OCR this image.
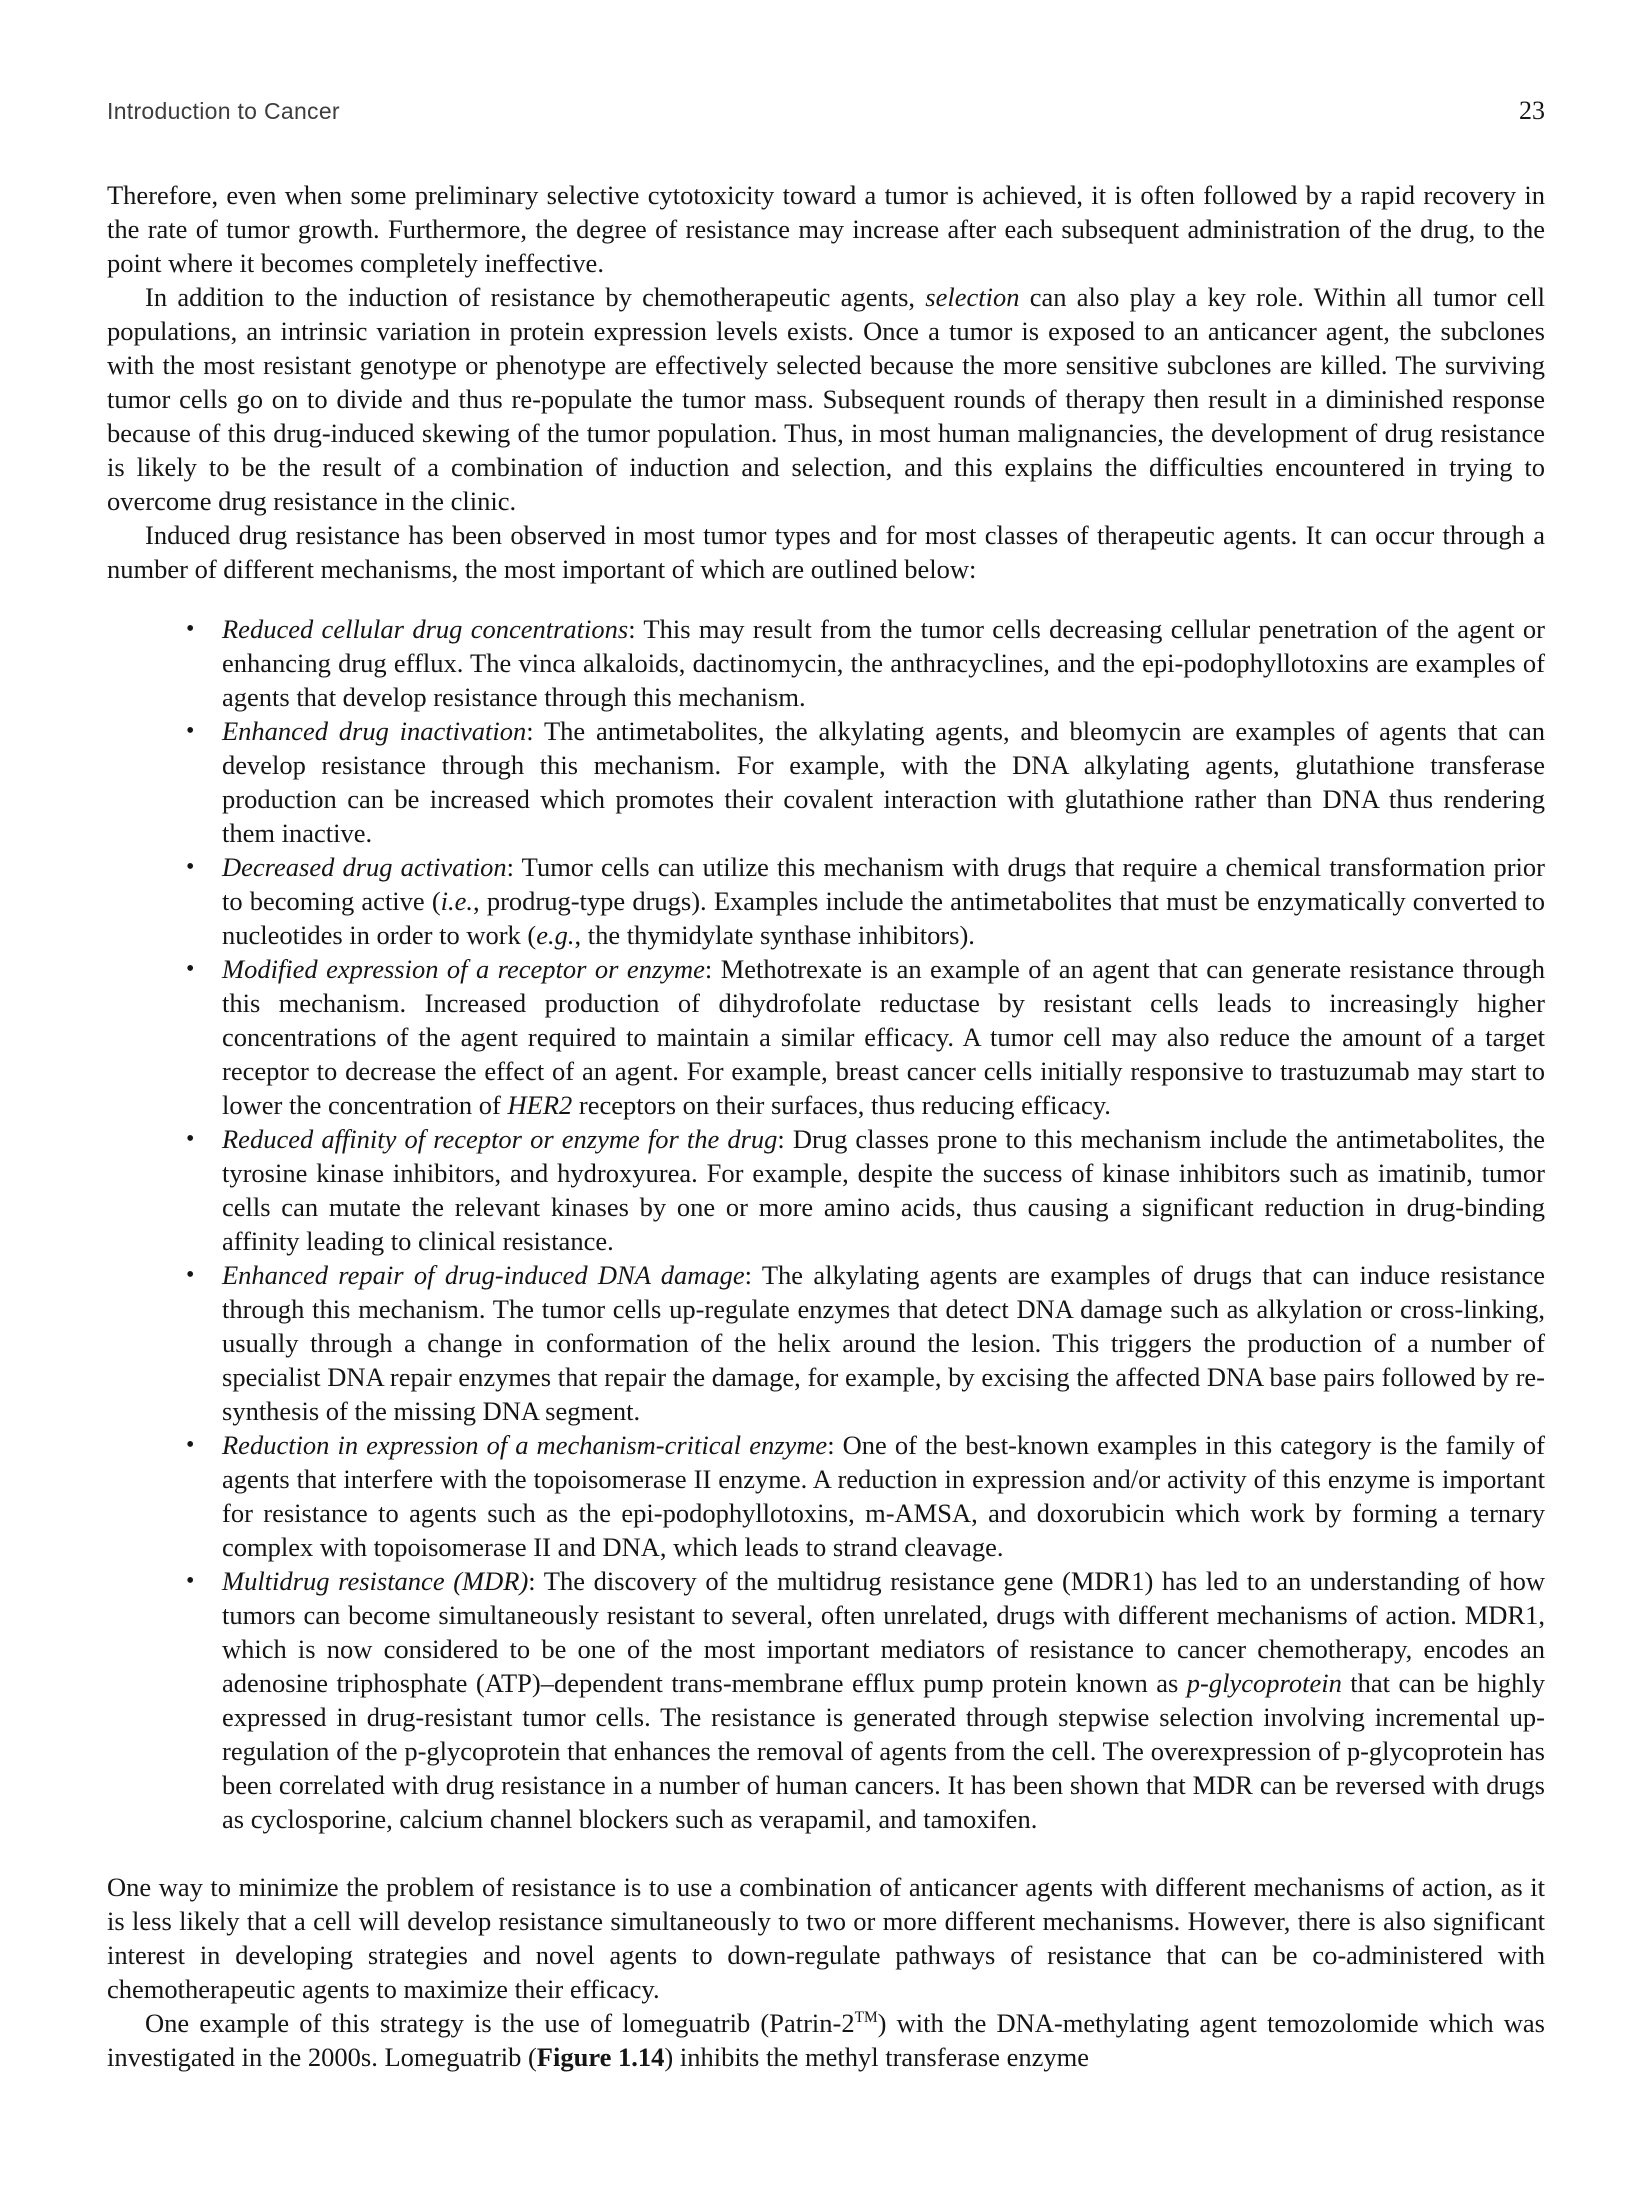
Introduction to Cancer	23

Therefore, even when some preliminary selective cytotoxicity toward a tumor is achieved, it is often followed by a rapid recovery in the rate of tumor growth. Furthermore, the degree of resistance may increase after each subsequent administration of the drug, to the point where it becomes completely ineffective.

In addition to the induction of resistance by chemotherapeutic agents, selection can also play a key role. Within all tumor cell populations, an intrinsic variation in protein expression levels exists. Once a tumor is exposed to an anticancer agent, the subclones with the most resistant genotype or phenotype are effectively selected because the more sensitive subclones are killed. The surviving tumor cells go on to divide and thus re-populate the tumor mass. Subsequent rounds of therapy then result in a diminished response because of this drug-induced skewing of the tumor population. Thus, in most human malignancies, the development of drug resistance is likely to be the result of a combination of induction and selection, and this explains the difficulties encountered in trying to overcome drug resistance in the clinic.

Induced drug resistance has been observed in most tumor types and for most classes of therapeutic agents. It can occur through a number of different mechanisms, the most important of which are outlined below:

• Reduced cellular drug concentrations: This may result from the tumor cells decreasing cellular penetration of the agent or enhancing drug efflux. The vinca alkaloids, dactinomycin, the anthracyclines, and the epi-podophyllotoxins are examples of agents that develop resistance through this mechanism.
• Enhanced drug inactivation: The antimetabolites, the alkylating agents, and bleomycin are examples of agents that can develop resistance through this mechanism. For example, with the DNA alkylating agents, glutathione transferase production can be increased which promotes their covalent interaction with glutathione rather than DNA thus rendering them inactive.
• Decreased drug activation: Tumor cells can utilize this mechanism with drugs that require a chemical transformation prior to becoming active (i.e., prodrug-type drugs). Examples include the antimetabolites that must be enzymatically converted to nucleotides in order to work (e.g., the thymidylate synthase inhibitors).
• Modified expression of a receptor or enzyme: Methotrexate is an example of an agent that can generate resistance through this mechanism. Increased production of dihydrofolate reductase by resistant cells leads to increasingly higher concentrations of the agent required to maintain a similar efficacy. A tumor cell may also reduce the amount of a target receptor to decrease the effect of an agent. For example, breast cancer cells initially responsive to trastuzumab may start to lower the concentration of HER2 receptors on their surfaces, thus reducing efficacy.
• Reduced affinity of receptor or enzyme for the drug: Drug classes prone to this mechanism include the antimetabolites, the tyrosine kinase inhibitors, and hydroxyurea. For example, despite the success of kinase inhibitors such as imatinib, tumor cells can mutate the relevant kinases by one or more amino acids, thus causing a significant reduction in drug-binding affinity leading to clinical resistance.
• Enhanced repair of drug-induced DNA damage: The alkylating agents are examples of drugs that can induce resistance through this mechanism. The tumor cells up-regulate enzymes that detect DNA damage such as alkylation or cross-linking, usually through a change in conformation of the helix around the lesion. This triggers the production of a number of specialist DNA repair enzymes that repair the damage, for example, by excising the affected DNA base pairs followed by re-synthesis of the missing DNA segment.
• Reduction in expression of a mechanism-critical enzyme: One of the best-known examples in this category is the family of agents that interfere with the topoisomerase II enzyme. A reduction in expression and/or activity of this enzyme is important for resistance to agents such as the epi-podophyllotoxins, m-AMSA, and doxorubicin which work by forming a ternary complex with topoisomerase II and DNA, which leads to strand cleavage.
• Multidrug resistance (MDR): The discovery of the multidrug resistance gene (MDR1) has led to an understanding of how tumors can become simultaneously resistant to several, often unrelated, drugs with different mechanisms of action. MDR1, which is now considered to be one of the most important mediators of resistance to cancer chemotherapy, encodes an adenosine triphosphate (ATP)–dependent trans-membrane efflux pump protein known as p-glycoprotein that can be highly expressed in drug-resistant tumor cells. The resistance is generated through stepwise selection involving incremental up-regulation of the p-glycoprotein that enhances the removal of agents from the cell. The overexpression of p-glycoprotein has been correlated with drug resistance in a number of human cancers. It has been shown that MDR can be reversed with drugs as cyclosporine, calcium channel blockers such as verapamil, and tamoxifen.

One way to minimize the problem of resistance is to use a combination of anticancer agents with different mechanisms of action, as it is less likely that a cell will develop resistance simultaneously to two or more different mechanisms. However, there is also significant interest in developing strategies and novel agents to down-regulate pathways of resistance that can be co-administered with chemotherapeutic agents to maximize their efficacy.

One example of this strategy is the use of lomeguatrib (Patrin-2™) with the DNA-methylating agent temozolomide which was investigated in the 2000s. Lomeguatrib (Figure 1.14) inhibits the methyl transferase enzyme
